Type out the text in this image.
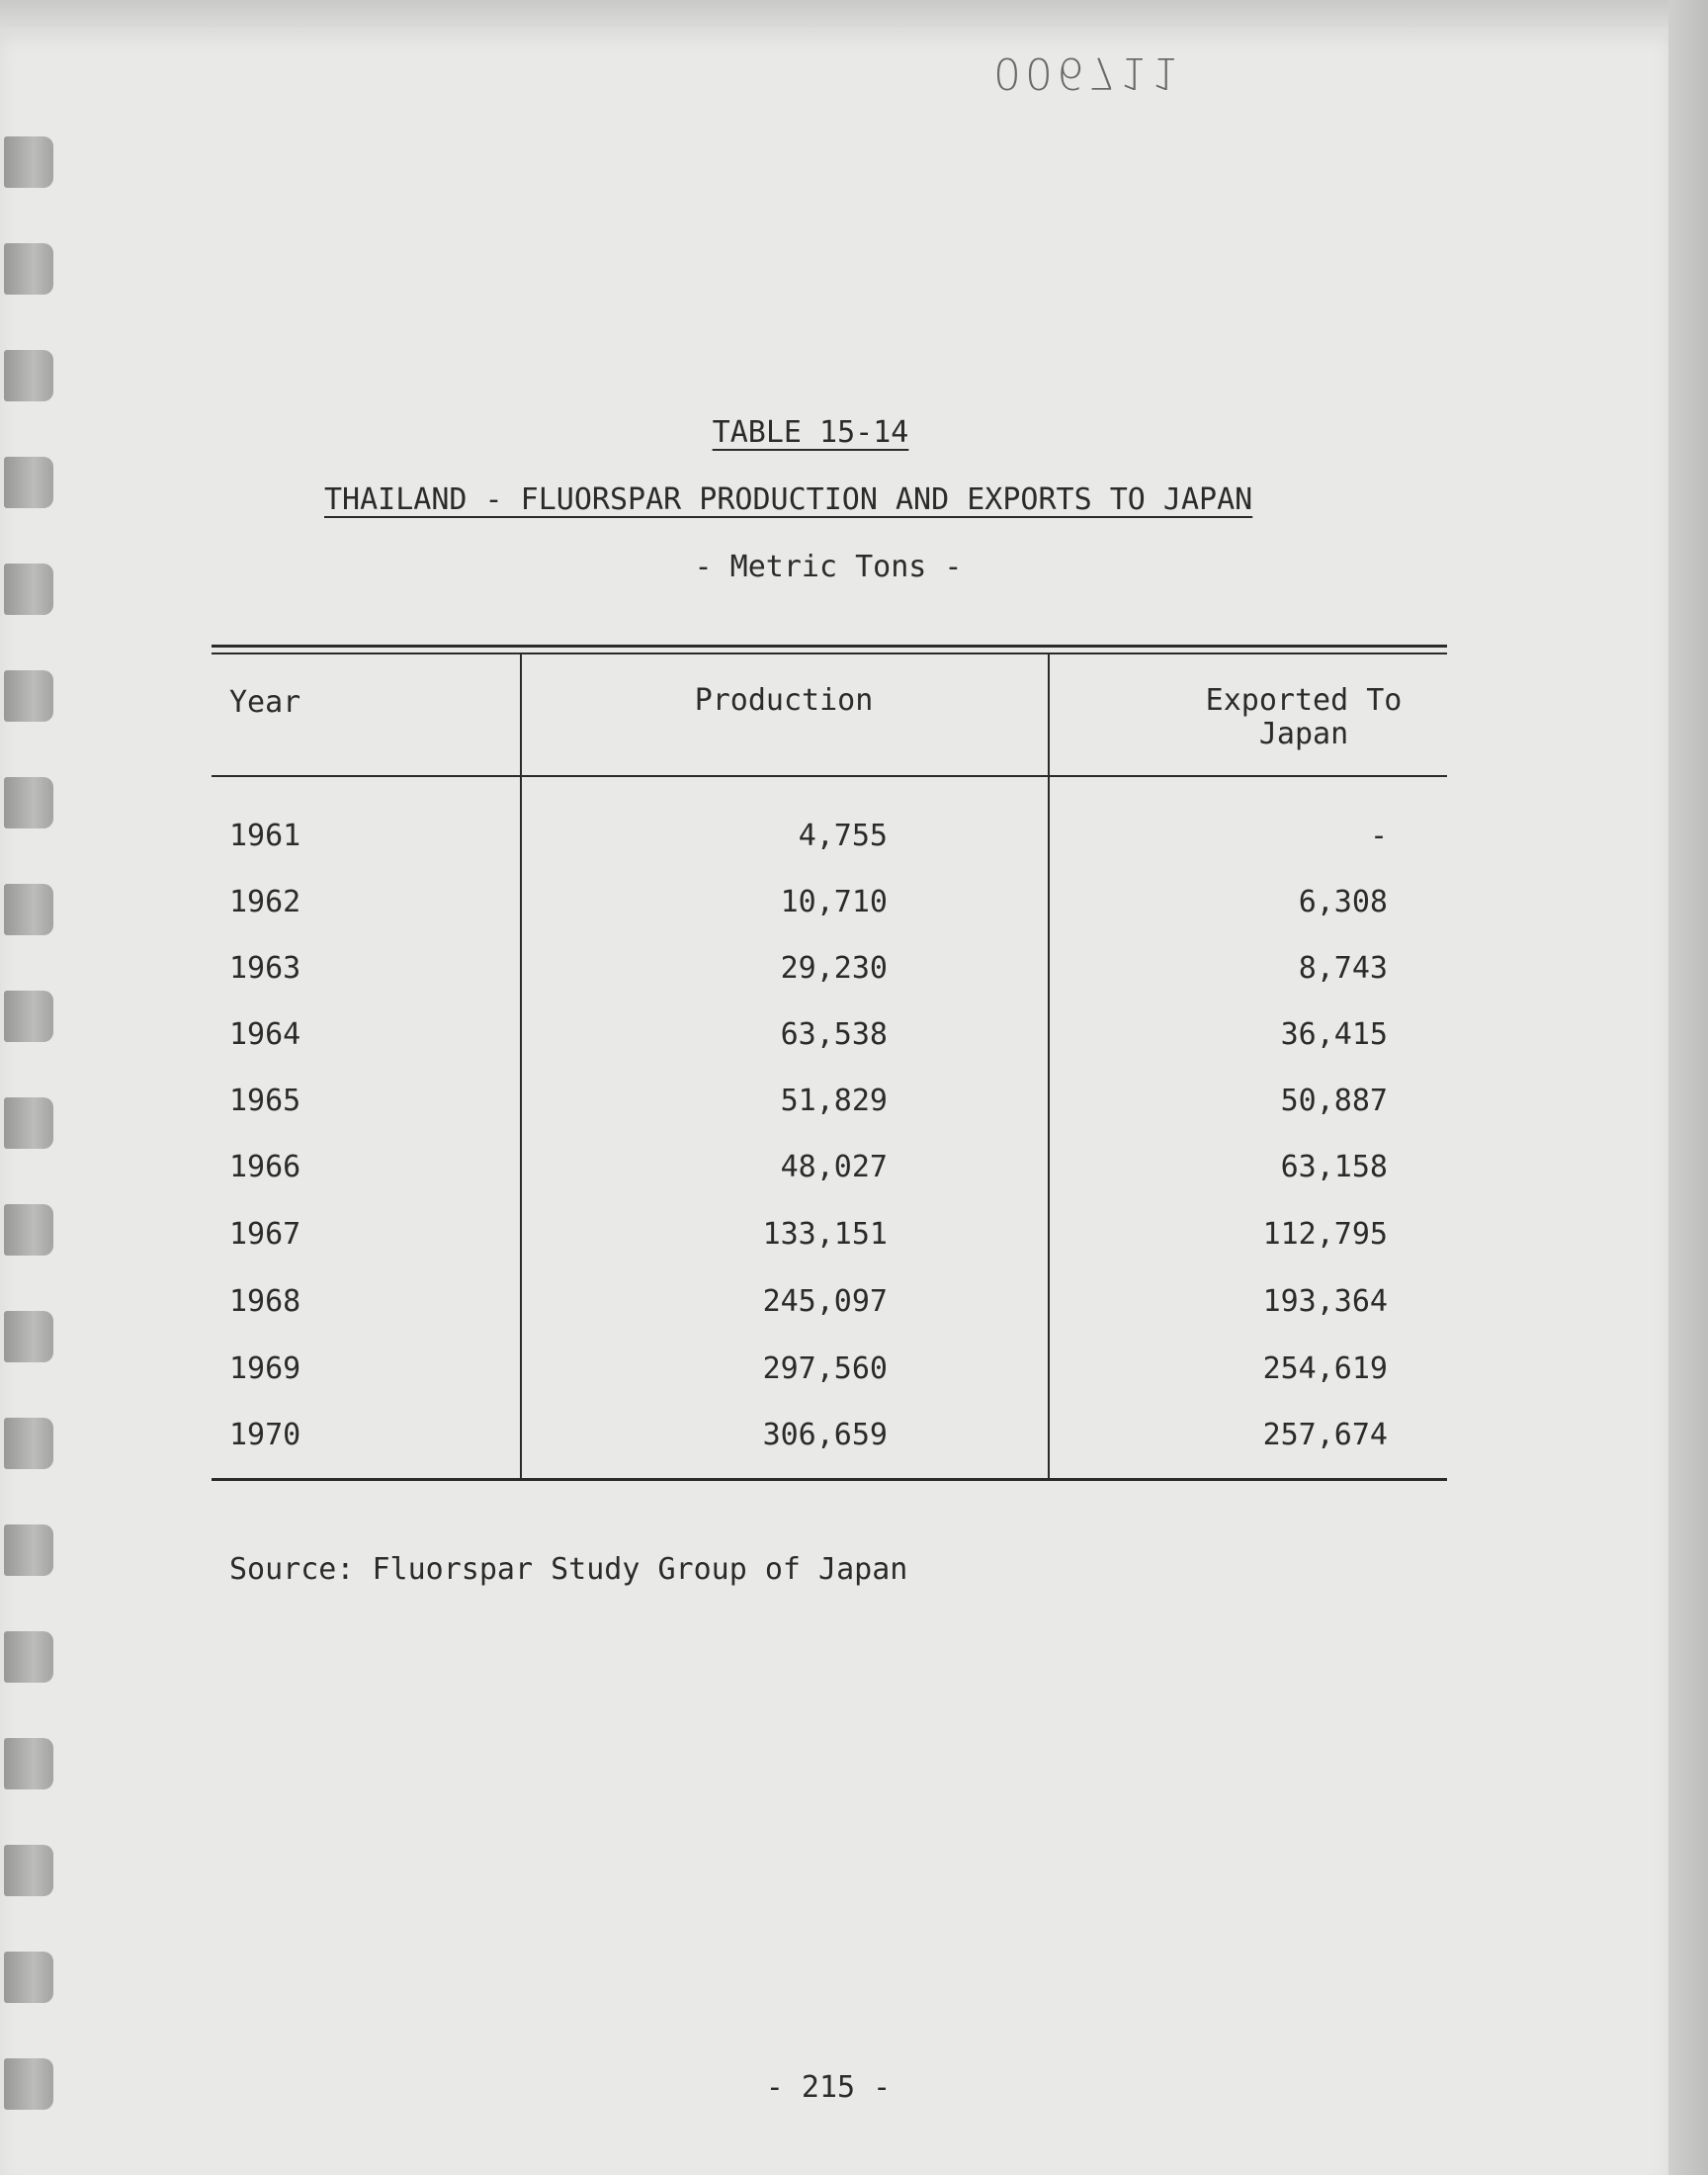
006711
TABLE 15-14
THAILAND - FLUORSPAR PRODUCTION AND EXPORTS TO JAPAN
- Metric Tons -
Year	Production	Exported To
Japan
1961	4,755	-
1962	10,710	6,308
1963	29,230	8,743
1964	63,538	36,415
1965	51,829	50,887
1966	48,027	63,158
1967	133,151	112,795
1968	245,097	193,364
1969	297,560	254,619
1970	306,659	257,674
Source: Fluorspar Study Group of Japan
- 215 -
